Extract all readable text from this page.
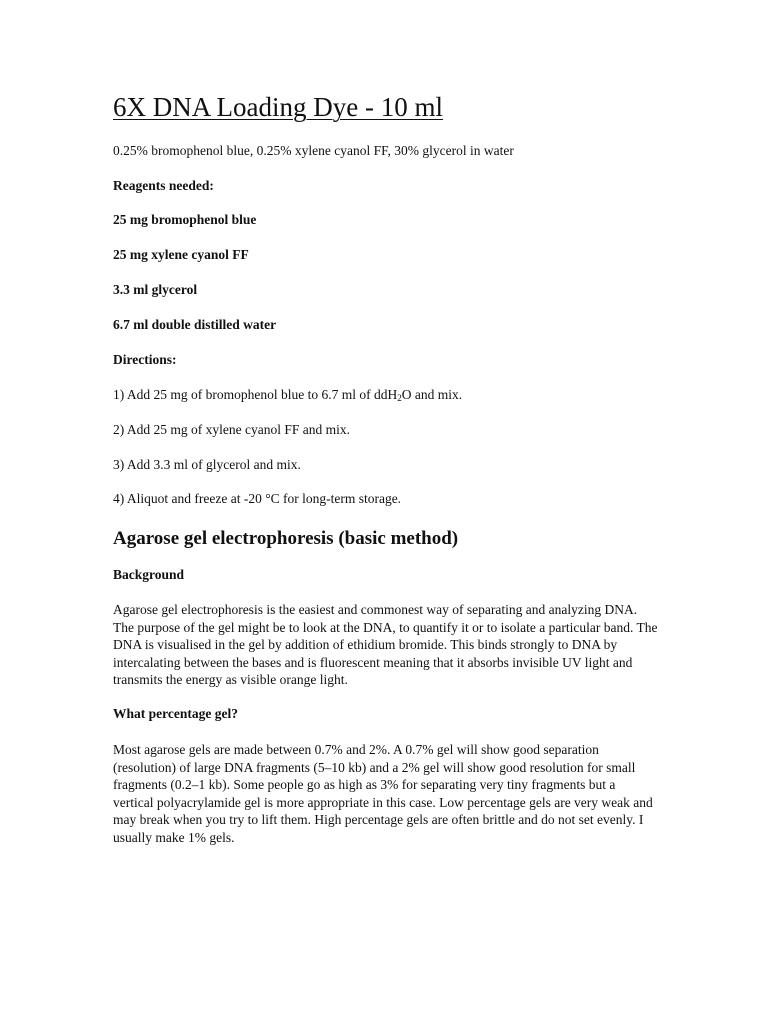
6X DNA Loading Dye - 10 ml

0.25% bromophenol blue, 0.25% xylene cyanol FF, 30% glycerol in water

Reagents needed:

25 mg bromophenol blue

25 mg xylene cyanol FF

3.3 ml glycerol

6.7 ml double distilled water

Directions:

1) Add 25 mg of bromophenol blue to 6.7 ml of ddH$_2$O and mix.

2) Add 25 mg of xylene cyanol FF and mix.

3) Add 3.3 ml of glycerol and mix.

4) Aliquot and freeze at -20 °C for long-term storage.

Agarose gel electrophoresis (basic method)

Background

Agarose gel electrophoresis is the easiest and commonest way of separating and analyzing DNA. The purpose of the gel might be to look at the DNA, to quantify it or to isolate a particular band. The DNA is visualised in the gel by addition of ethidium bromide. This binds strongly to DNA by intercalating between the bases and is fluorescent meaning that it absorbs invisible UV light and transmits the energy as visible orange light.

What percentage gel?

Most agarose gels are made between 0.7% and 2%. A 0.7% gel will show good separation (resolution) of large DNA fragments (5–10 kb) and a 2% gel will show good resolution for small fragments (0.2–1 kb). Some people go as high as 3% for separating very tiny fragments but a vertical polyacrylamide gel is more appropriate in this case. Low percentage gels are very weak and may break when you try to lift them. High percentage gels are often brittle and do not set evenly. I usually make 1% gels.
